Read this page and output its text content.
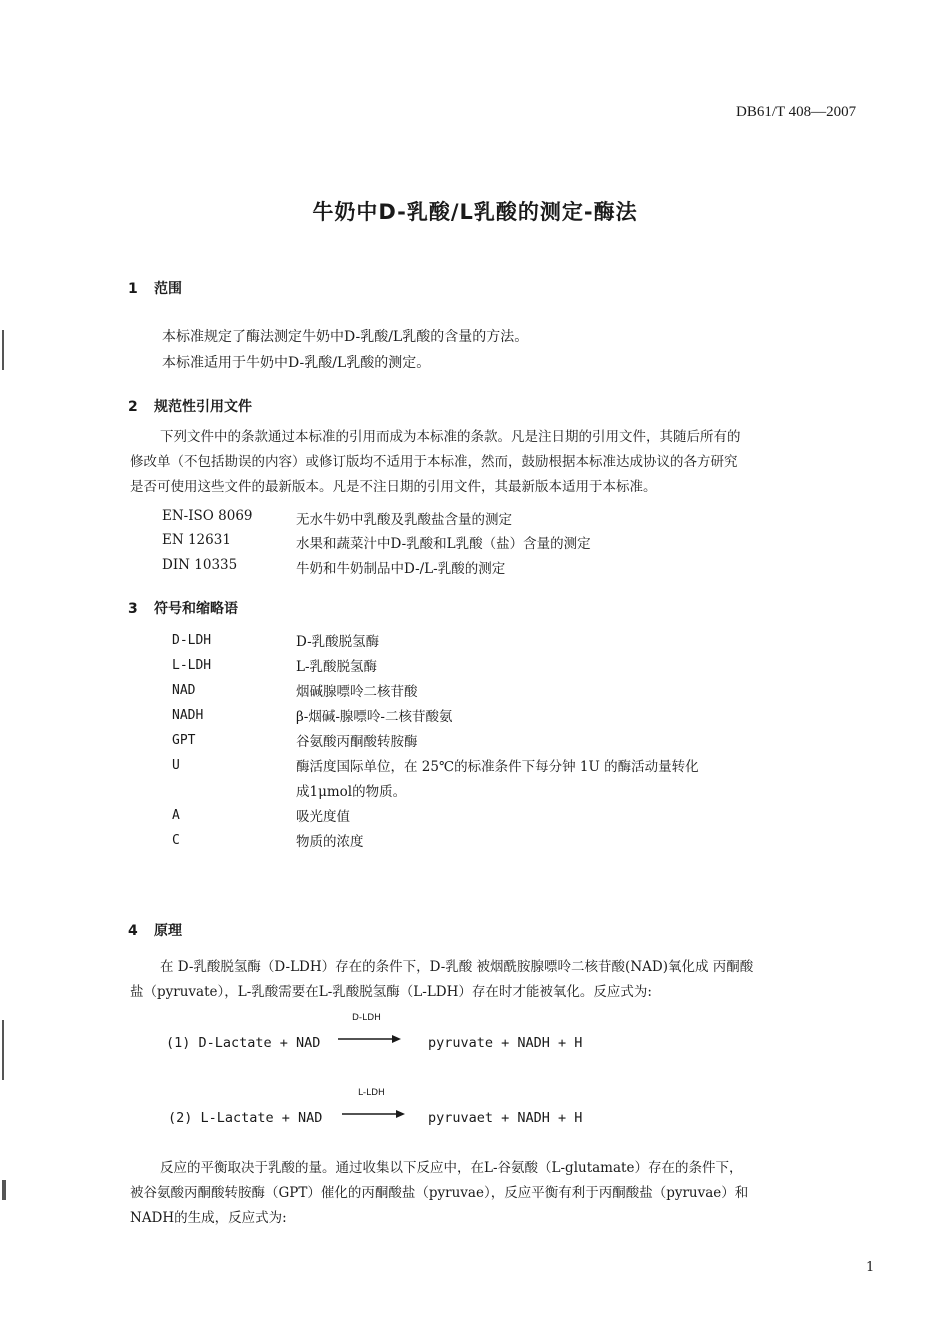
DB61/T 408—2007
牛奶中D-乳酸/L乳酸的测定-酶法
1 范围
本标准规定了酶法测定牛奶中D-乳酸/L乳酸的含量的方法。
本标准适用于牛奶中D-乳酸/L乳酸的测定。
2 规范性引用文件
下列文件中的条款通过本标准的引用而成为本标准的条款。凡是注日期的引用文件，其随后所有的
修改单（不包括勘误的内容）或修订版均不适用于本标准，然而，鼓励根据本标准达成协议的各方研究
是否可使用这些文件的最新版本。凡是不注日期的引用文件，其最新版本适用于本标准。
EN-ISO 8069	无水牛奶中乳酸及乳酸盐含量的测定
EN 12631	水果和蔬菜汁中D-乳酸和L乳酸（盐）含量的测定
DIN 10335	牛奶和牛奶制品中D-/L-乳酸的测定
3 符号和缩略语
D-LDH	D-乳酸脱氢酶
L-LDH	L-乳酸脱氢酶
NAD	烟碱腺嘌呤二核苷酸
NADH	β-烟碱-腺嘌呤-二核苷酸氨
GPT	谷氨酸丙酮酸转胺酶
U	酶活度国际单位，在 25℃的标准条件下每分钟 1U 的酶活动量转化
成1μmol的物质。
A	吸光度值
C	物质的浓度
4 原理
在 D-乳酸脱氢酶（D-LDH）存在的条件下，D-乳酸 被烟酰胺腺嘌呤二核苷酸(NAD)氧化成 丙酮酸
盐（pyruvate），L-乳酸需要在L-乳酸脱氢酶（L-LDH）存在时才能被氧化。反应式为:
D-LDH
(1) D-Lactate + NAD → pyruvate + NADH + H
L-LDH
(2) L-Lactate + NAD → pyruvaet + NADH + H
反应的平衡取决于乳酸的量。通过收集以下反应中，在L-谷氨酸（L-glutamate）存在的条件下，
被谷氨酸丙酮酸转胺酶（GPT）催化的丙酮酸盐（pyruvae），反应平衡有利于丙酮酸盐（pyruvae）和
NADH的生成，反应式为:
1
